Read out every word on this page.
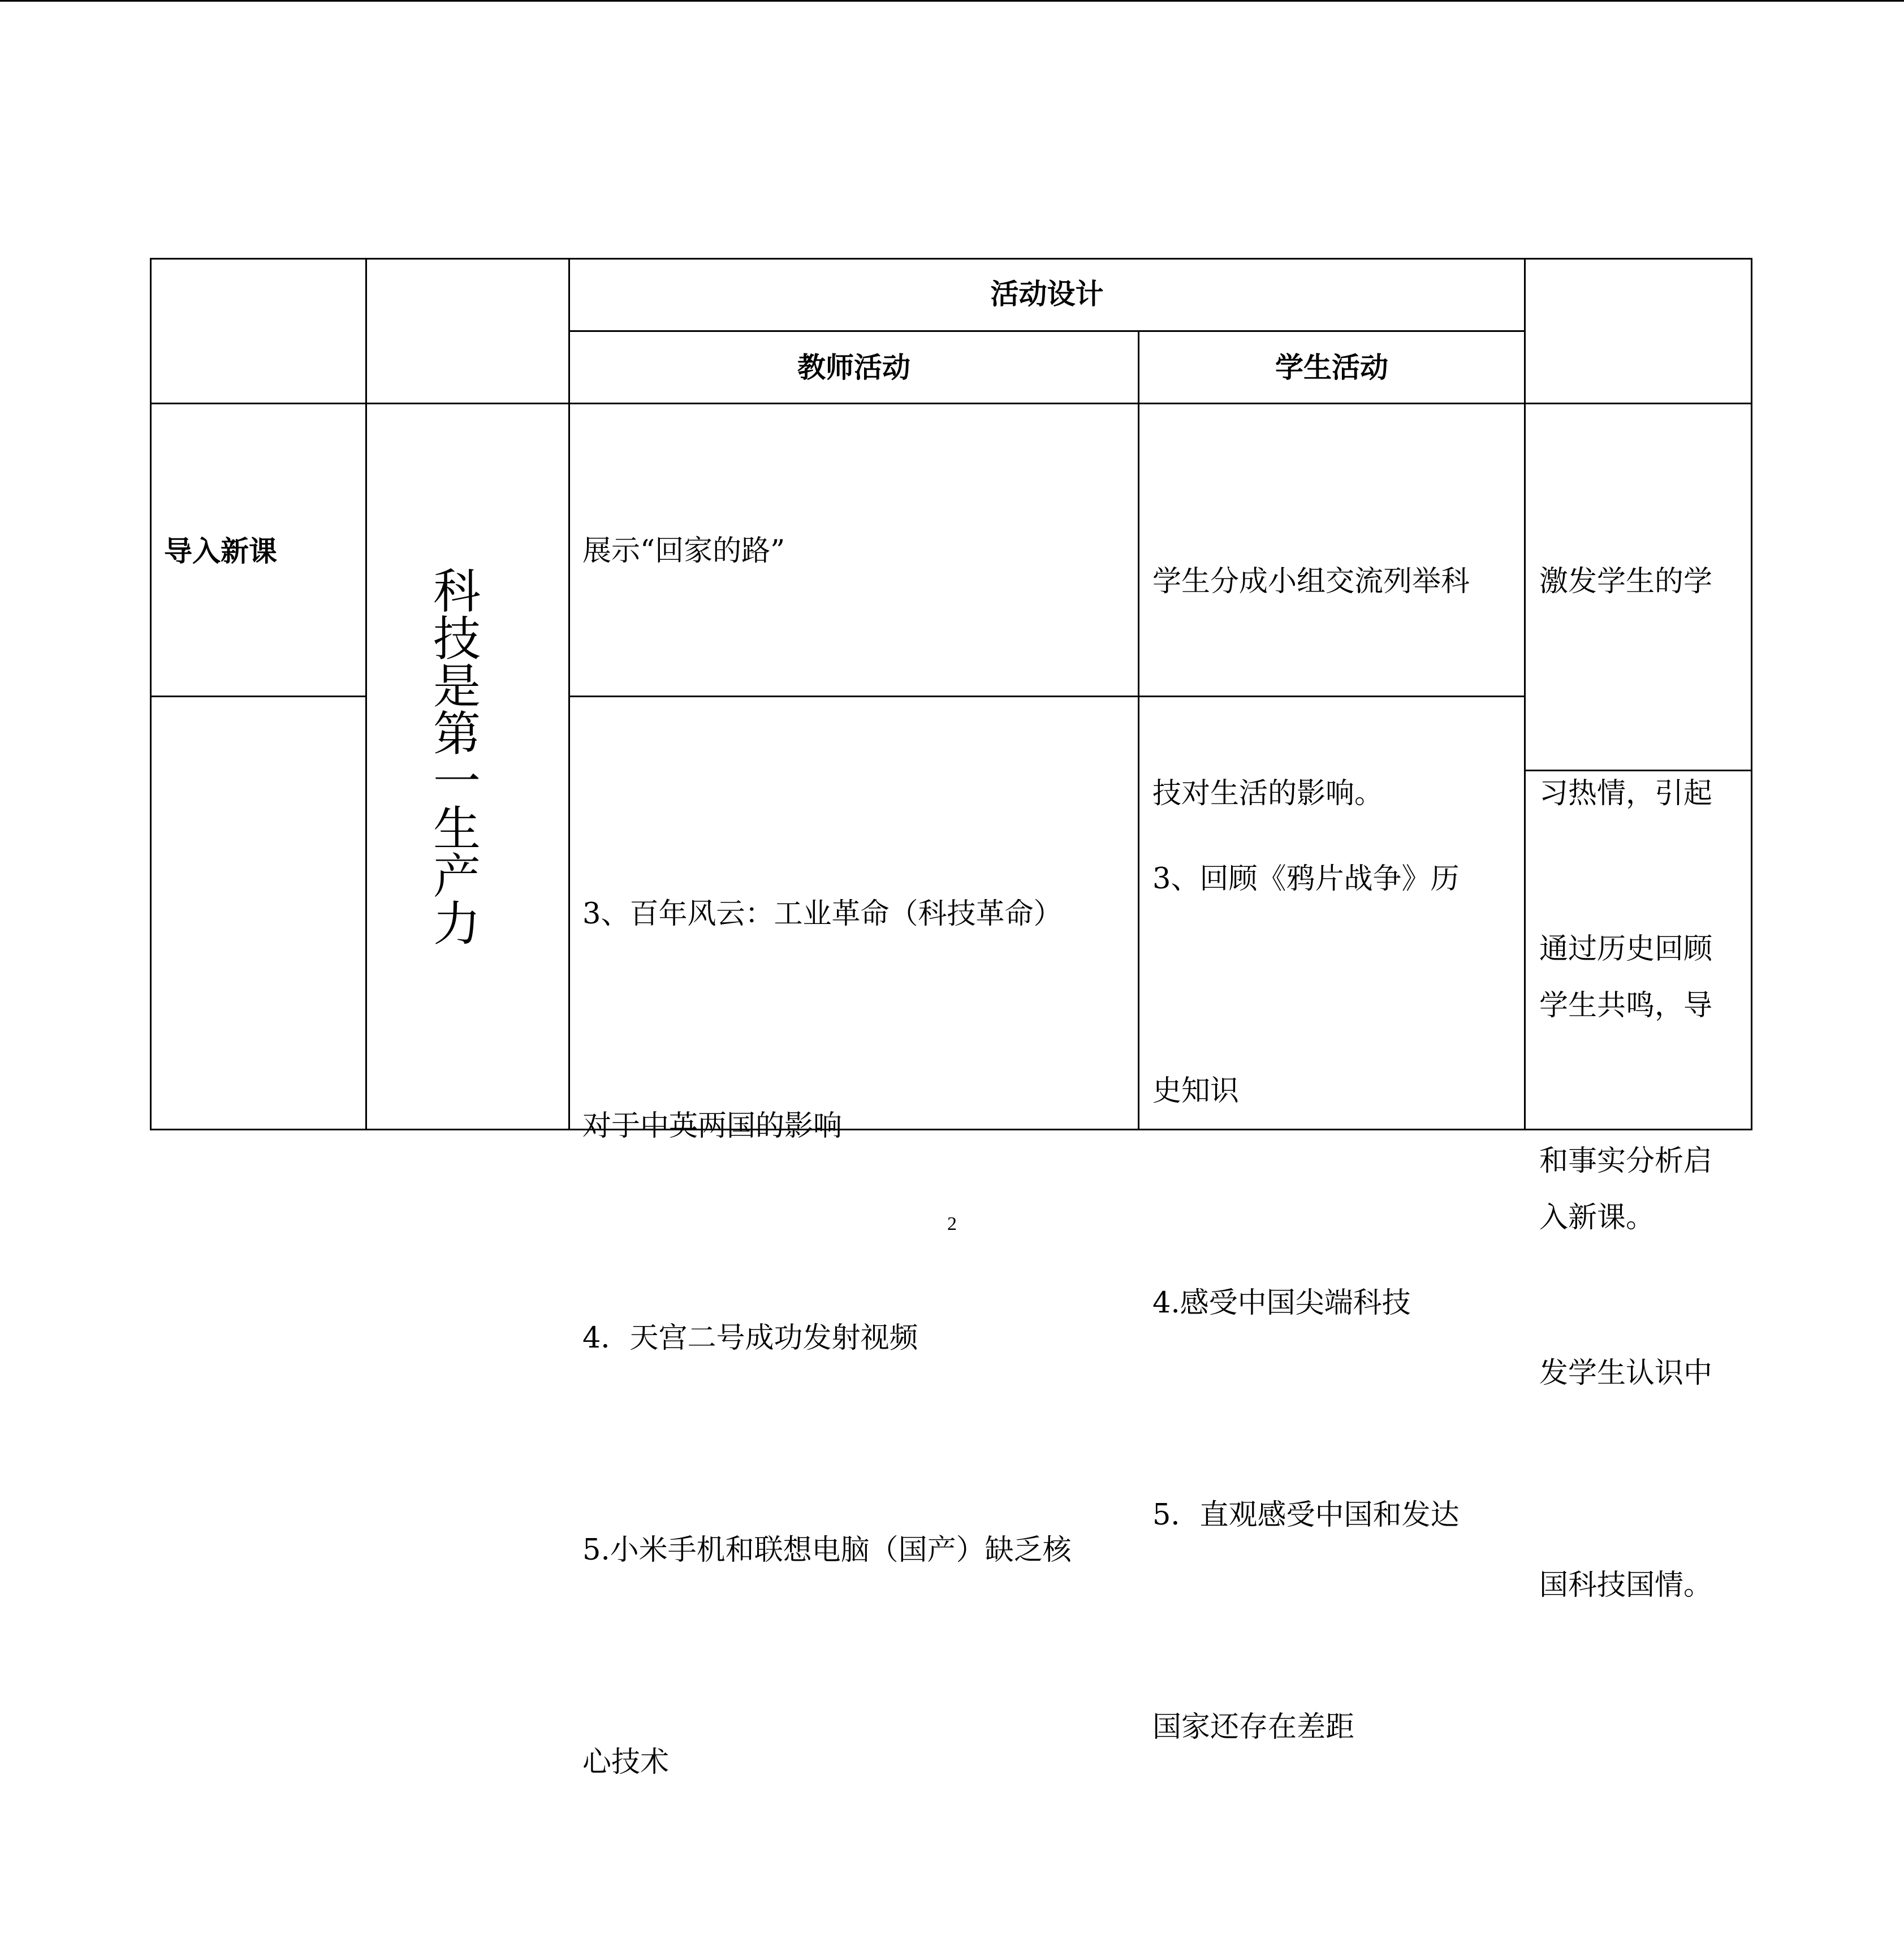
活动设计
教师活动	学生活动
导入新课
科
技
是
第
一
生
产
力
展示“回家的路”

学生分成小组交流列举科

技对生活的影响。

激发学生的学

习热情，引起

学生共鸣，导

入新课。

3、百年风云：工业革命（科技革命）

对于中英两国的影响

4．天宫二号成功发射视频

5.小米手机和联想电脑（国产）缺乏核

心技术

3、回顾《鸦片战争》历

史知识

4.感受中国尖端科技

5．直观感受中国和发达

国家还存在差距

通过历史回顾

和事实分析启

发学生认识中

国科技国情。

2
